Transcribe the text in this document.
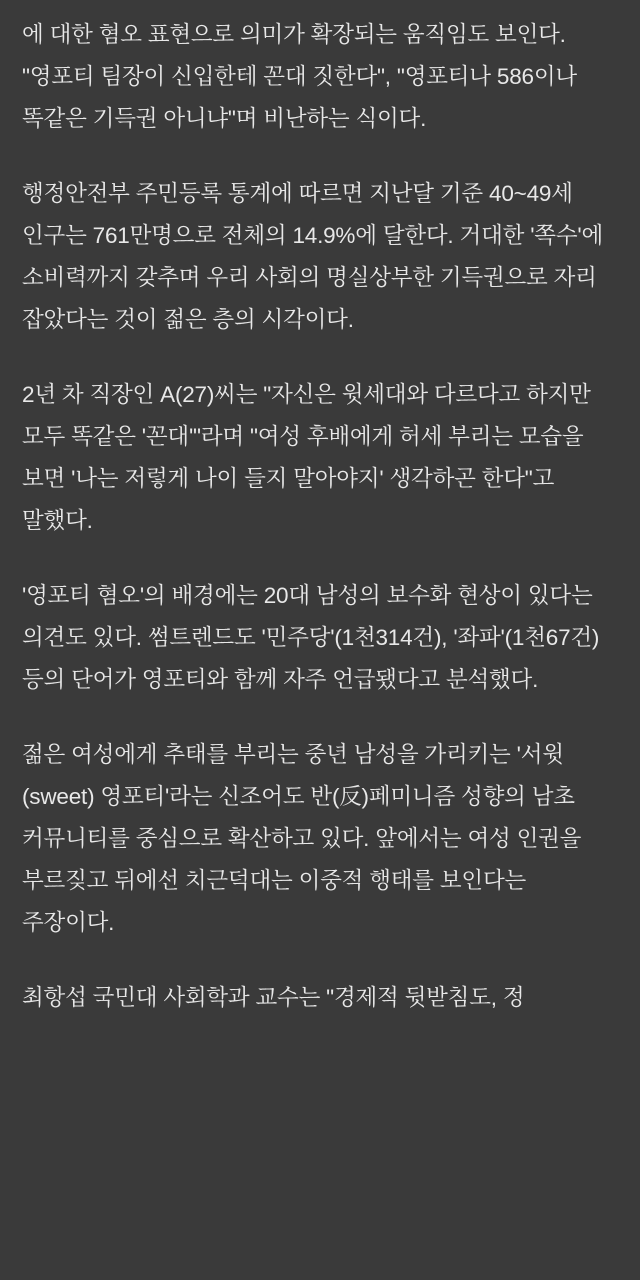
에 대한 혐오 표현으로 의미가 확장되는 움직임도 보인다. "영포티 팀장이 신입한테 꼰대 짓한다", "영포티나 586이나 똑같은 기득권 아니냐"며 비난하는 식이다.

행정안전부 주민등록 통계에 따르면 지난달 기준 40~49세 인구는 761만명으로 전체의 14.9%에 달한다. 거대한 '쪽수'에 소비력까지 갖추며 우리 사회의 명실상부한 기득권으로 자리 잡았다는 것이 젊은 층의 시각이다.

2년 차 직장인 A(27)씨는 "자신은 윗세대와 다르다고 하지만 모두 똑같은 '꼰대'"라며 "여성 후배에게 허세 부리는 모습을 보면 '나는 저렇게 나이 들지 말아야지' 생각하곤 한다"고 말했다.

'영포티 혐오'의 배경에는 20대 남성의 보수화 현상이 있다는 의견도 있다. 썸트렌드도 '민주당'(1천314건), '좌파'(1천67건) 등의 단어가 영포티와 함께 자주 언급됐다고 분석했다.

젊은 여성에게 추태를 부리는 중년 남성을 가리키는 '서윗(sweet) 영포티'라는 신조어도 반(反)페미니즘 성향의 남초 커뮤니티를 중심으로 확산하고 있다. 앞에서는 여성 인권을 부르짖고 뒤에선 치근덕대는 이중적 행태를 보인다는 주장이다.

최항섭 국민대 사회학과 교수는 "경제적 뒷받침도, 정
